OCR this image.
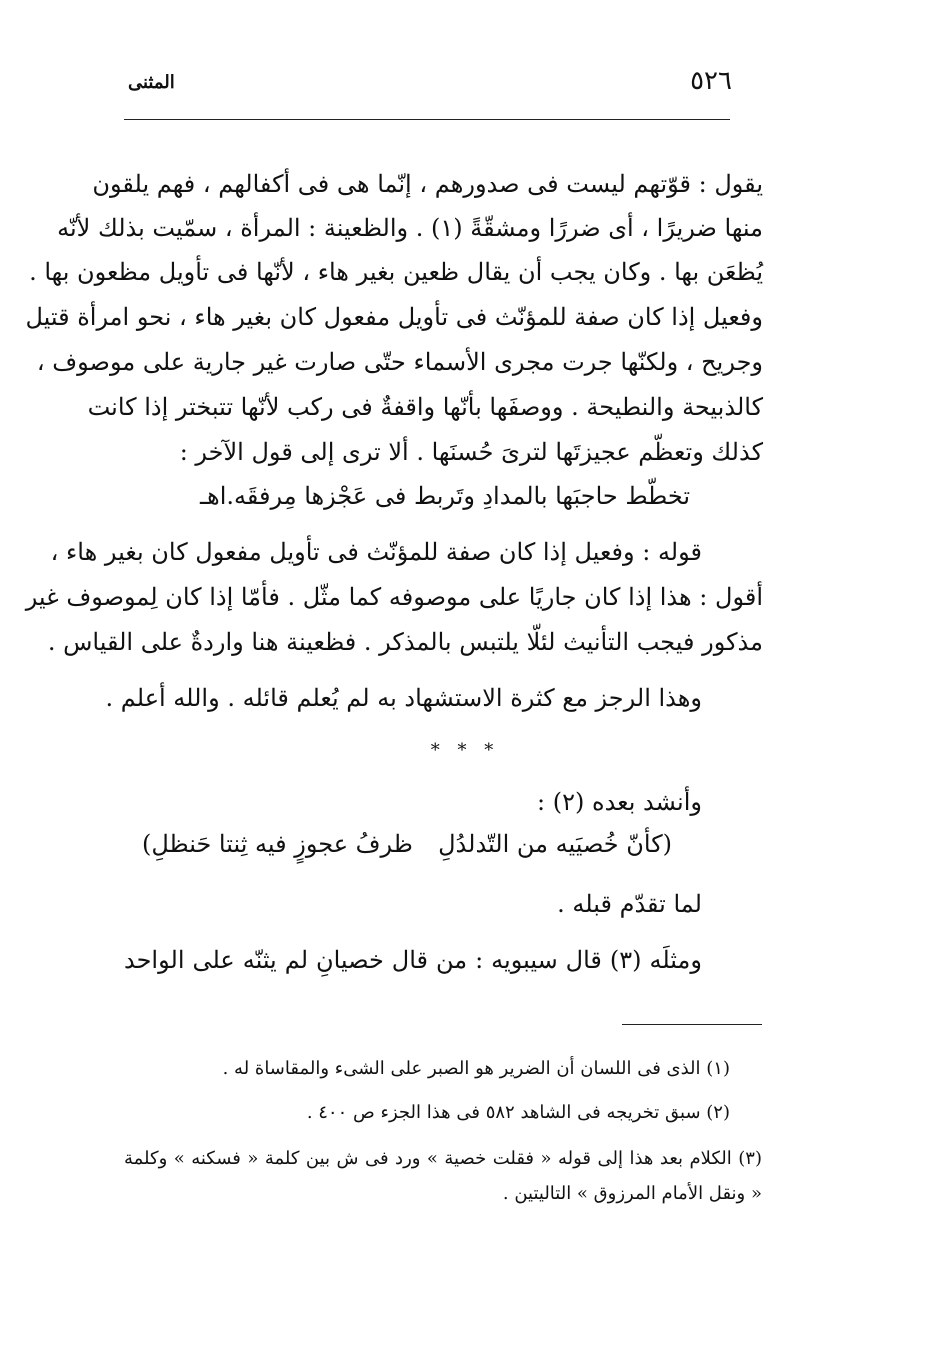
٥٢٦
المثنى
يقول : قوّتهم ليست فى صدورهم ، إنّما هى فى أكفالهم ، فهم يلقون
منها ضريرًا ، أى ضررًا ومشقّةً (١) . والظعينة : المرأة ، سمّيت بذلك لأنّه
يُظعَن بها . وكان يجب أن يقال ظعين بغير هاء ، لأنّها فى تأويل مظعون بها .
وفعيل إذا كان صفة للمؤنّث فى تأويل مفعول كان بغير هاء ، نحو امرأة قتيل
وجريح ، ولكنّها جرت مجرى الأسماء حتّى صارت غير جارية على موصوف ،
كالذبيحة والنطيحة . ووصفَها بأنّها واقفةٌ فى ركب لأنّها تتبختر إذا كانت
كذلك وتعظّم عجيزتَها لترىَ حُسنَها . ألا ترى إلى قول الآخر :
تخطّط حاجبَها بالمدادِ
وتَربط فى عَجْزها مِرفقَه.اهـ
قوله : وفعيل إذا كان صفة للمؤنّث فى تأويل مفعول كان بغير هاء ،
أقول : هذا إذا كان جاريًا على موصوفه كما مثّل . فأمّا إذا كان لِموصوف غير
مذكور فيجب التأنيث لئلّا يلتبس بالمذكر . فظعينة هنا واردةٌ على القياس .
وهذا الرجز مع كثرة الاستشهاد به لم يُعلم قائله . والله أعلم .
* * *
وأنشد بعده (٢) :
(كأنّ خُصيَيه من التّدلدُلِ
ظرفُ عجوزٍ فيه ثِنتا حَنظلِ)
لما تقدّم قبله .
ومثلَه (٣) قال سيبويه : من قال خصيانِ لم يثنّه على الواحد
(١) الذى فى اللسان أن الضرير هو الصبر على الشىء والمقاساة له .
(٢) سبق تخريجه فى الشاهد ٥٨٢ فى هذا الجزء ص ٤٠٠ .
(٣) الكلام بعد هذا إلى قوله « فقلت خصية » ورد فى ش بين كلمة « فسكنه » وكلمة
« ونقل الأمام المرزوق » التاليتين .
